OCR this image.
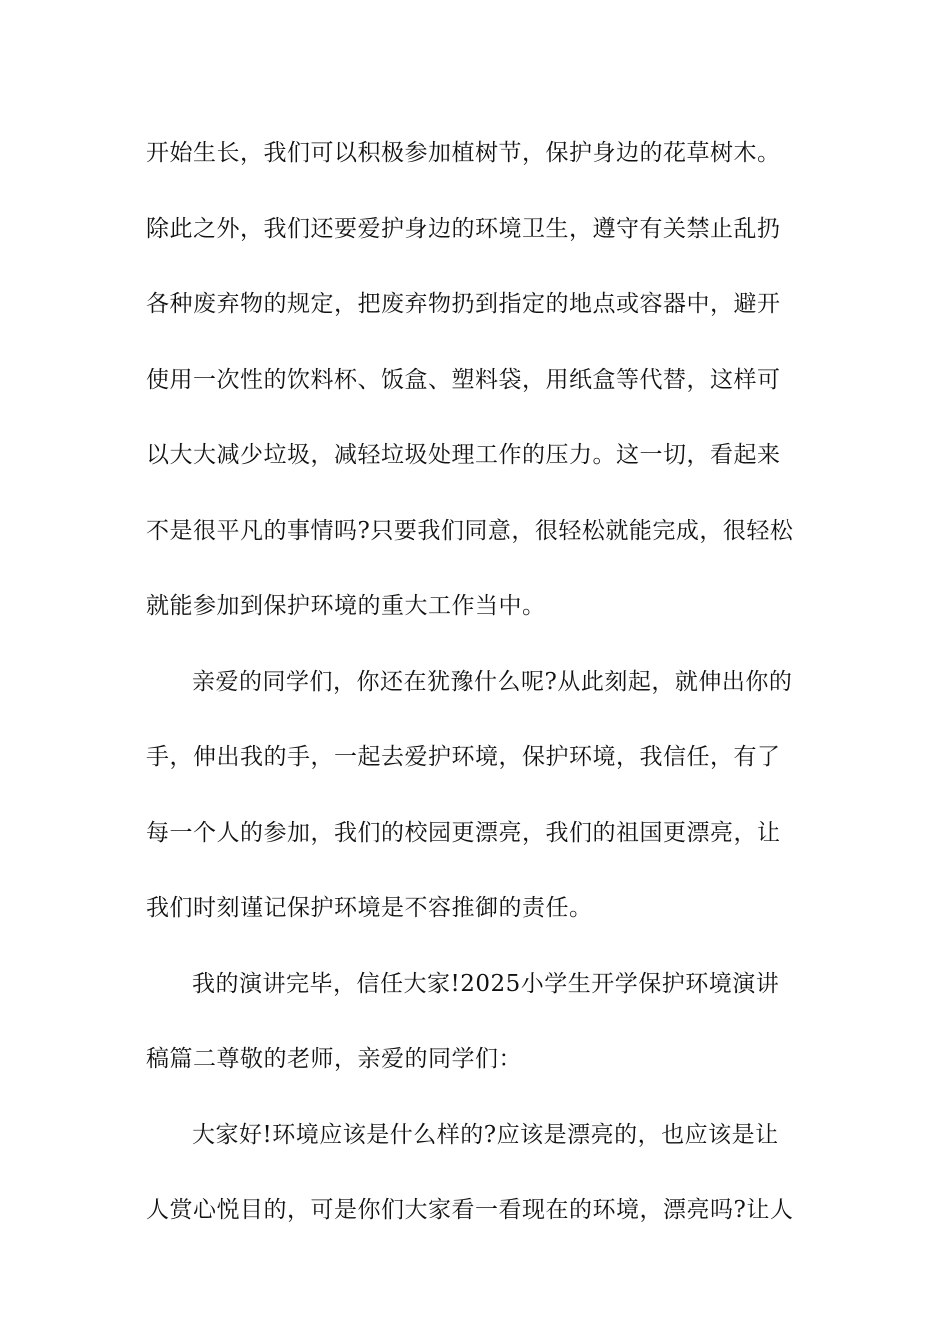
开始生长，我们可以积极参加植树节，保护身边的花草树木。
除此之外，我们还要爱护身边的环境卫生，遵守有关禁止乱扔
各种废弃物的规定，把废弃物扔到指定的地点或容器中，避开
使用一次性的饮料杯、饭盒、塑料袋，用纸盒等代替，这样可
以大大减少垃圾，减轻垃圾处理工作的压力。这一切，看起来
不是很平凡的事情吗?只要我们同意，很轻松就能完成，很轻松
就能参加到保护环境的重大工作当中。
亲爱的同学们，你还在犹豫什么呢?从此刻起，就伸出你的
手，伸出我的手，一起去爱护环境，保护环境，我信任，有了
每一个人的参加，我们的校园更漂亮，我们的祖国更漂亮，让
我们时刻谨记保护环境是不容推御的责任。
我的演讲完毕，信任大家!2025小学生开学保护环境演讲
稿篇二尊敬的老师，亲爱的同学们：
大家好!环境应该是什么样的?应该是漂亮的，也应该是让
人赏心悦目的，可是你们大家看一看现在的环境，漂亮吗?让人
